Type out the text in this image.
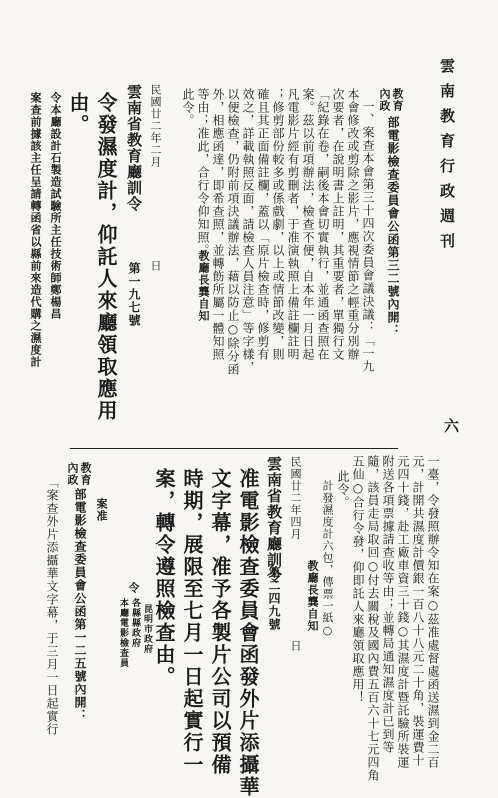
雲南教育行政週刊
六
教育
內政
部電影檢查委員會公函第三二號內開：
一、案查本會第三十四次委員會議決議：「一九
本會修改或剪除之影片，應視情節之輕重分別辦
次要者，在說明書上註明，其重要者，單獨行文
「紀錄在卷，嗣後本會切實執行，並通函查照在
案。茲以前項辦法，檢查不便，自本年一月日起
凡電影片經有剪刪者，于准演執照上備註欄註明
；修剪部份較多或係戲劇，以上或情節改變，則
確且其正面備註欄，蓋以「原片檢查時，修剪有
效之，詳載執照反面，請檢查人員注意」等字樣，
以便檢查，仍附前項決議辦法，藉以防止○除分函
外，相應函達，即希查照，並轉飭所屬一體知照
等由；准此，合行令仰知照。
此令。
教廳長龔自知
民國廿二年二月
日
雲南省教育廳訓令
第一九七號
令發濕度計，仰託人來廳領取應用
由。
令本廳設計石製造試驗所主任技術師鄭楊昌
案查前據該主任呈請轉函省以縣前來造代購之濕度計
一臺，令發照辦令知在案○茲准處督處函送濕到金二百
元，計開共濕度計價銀一百八十八元二十角，裝運費十
元四十錢，赴工廠車資三十錢○其濕度計暨託驗所裝運
附送各項票據請查收等由；並轉局通知濕度計已到等
隨，該員走局取回○付去關稅及國內費五百六十七元四角
五仙○合行令發，仰即託人來廳領取應用！
此令。
計發濕度計六包，傳票一紙○
教廳長龔自知
民國廿二年四月
日
雲南省教育廳訓令
第二四九號
准電影檢查委員會函發外片添攝華
文字幕，准予各製片公司以預備
時期，展限至七月一日起實行一
案，轉令遵照檢查由。
令
昆明市政府
各縣縣政府
本廳電影檢查員
案准
教育
內政
部電影檢查委員會公函第一二五號內開：
「案查外片添攝華文字幕，于三月一日起實行
